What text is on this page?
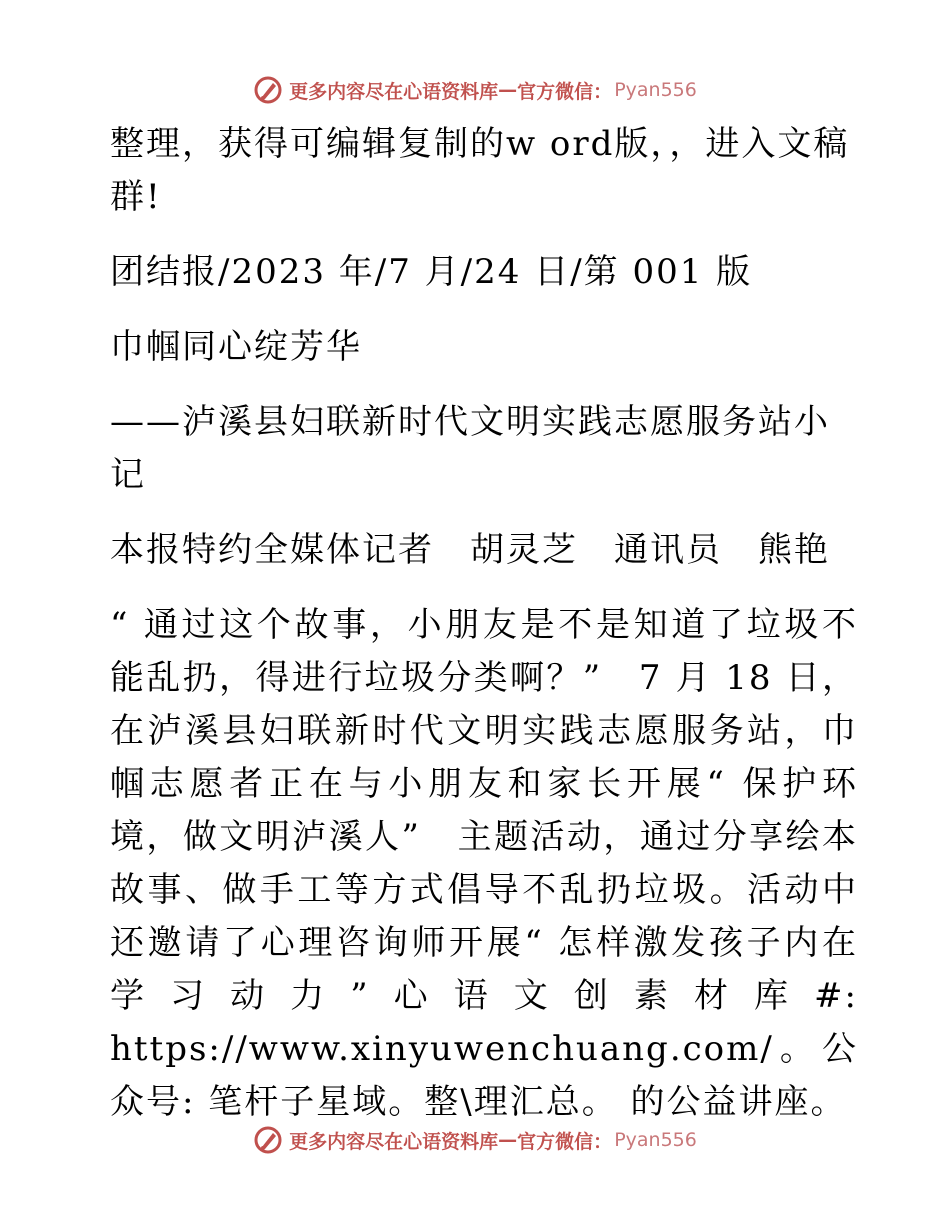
更多内容尽在心语资料库 — 官方微信： Pyan556

整理，获得可编辑复制的w ord版，，进入文稿群!

团结报/2023 年/7 月/24 日/第 001 版

巾帼同心绽芳华

——泸溪县妇联新时代文明实践志愿服务站小记

本报特约全媒体记者　胡灵芝　通讯员　熊艳

“ 通过这个故事，小朋友是不是知道了垃圾不能乱扔，得进行垃圾分类啊？”　7 月 18 日，在泸溪县妇联新时代文明实践志愿服务站，巾帼志愿者正在与小朋友和家长开展“ 保护环境，做文明泸溪人”　主题活动，通过分享绘本故事、做手工等方式倡导不乱扔垃圾。活动中还邀请了心理咨询师开展“ 怎样激发孩子内在学习动力”心语文创素材库#: https://www.xinyuwenchuang.com/。公众号: 笔杆子星域。整\理汇总。 的公益讲座。

更多内容尽在心语资料库 — 官方微信： Pyan556
